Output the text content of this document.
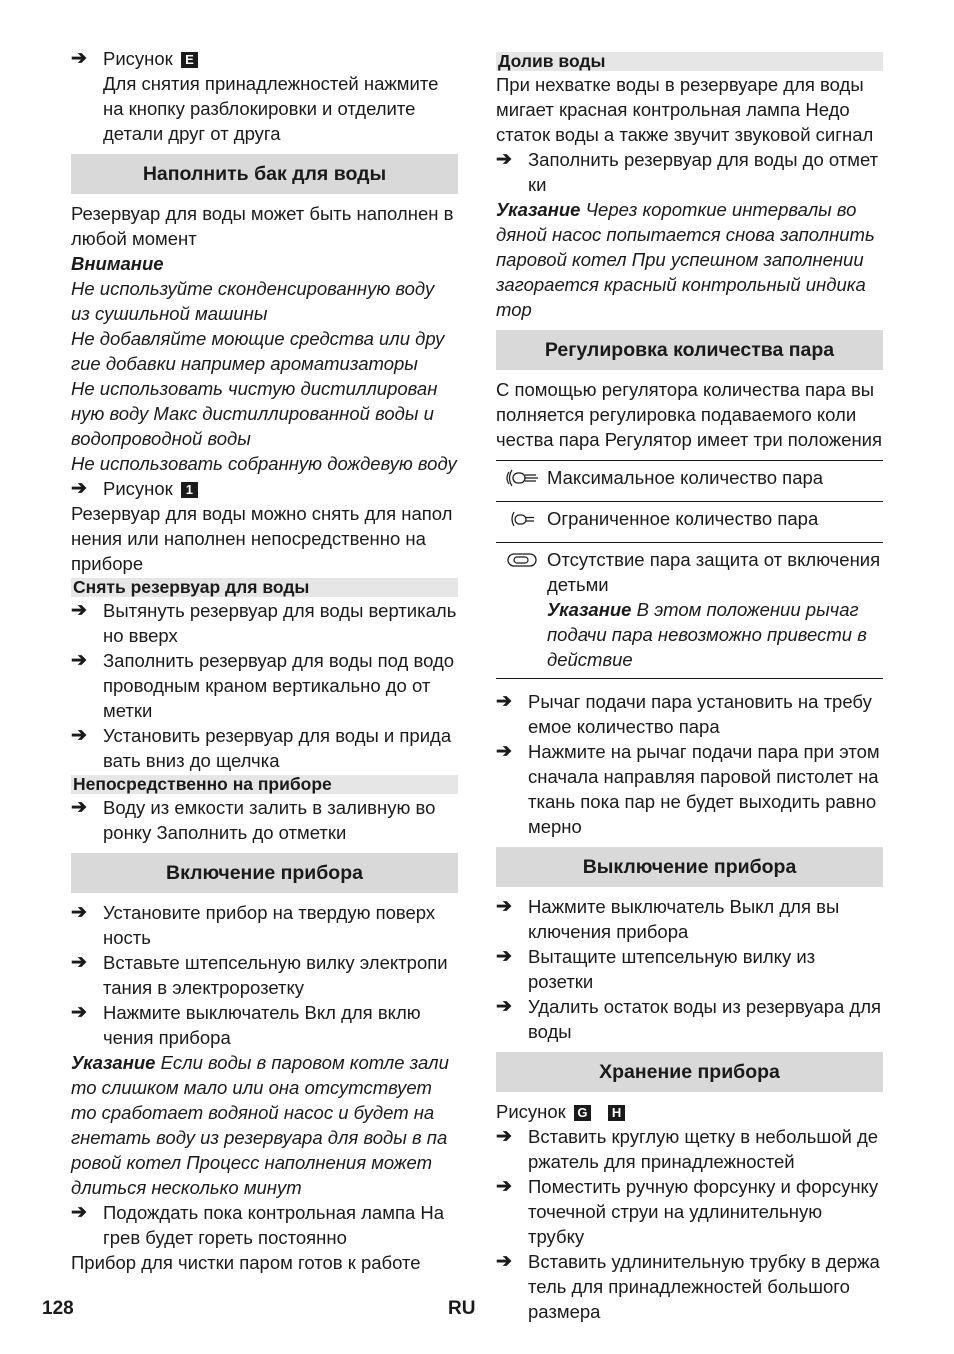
➔ Рисунок E
Для снятия принадлежностей нажмите на кнопку разблокировки и отделите детали друг от друга
Наполнить бак для воды

Резервуар для воды может быть наполнен в любой момент

Внимание

Не используйте сконденсированную воду из сушильной машины

Не добавляйте моющие средства или дру гие добавки например ароматизаторы

Не использовать чистую дистиллирован ную воду Макс дистиллированной воды и водопроводной воды

Не использовать собранную дождевую воду

➔ Рисунок 1

Резервуар для воды можно снять для напол нения или наполнен непосредственно на приборе

Снять резервуар для воды
➔ Вытянуть резервуар для воды вертикаль но вверх
➔ Заполнить резервуар для воды под водо проводным краном вертикально до от метки
➔ Установить резервуар для воды и прида вать вниз до щелчка
Непосредственно на приборе
➔ Воду из емкости залить в заливную во ронку Заполнить до отметки
Включение прибора
➔ Установите прибор на твердую поверх ность
➔ Вставьте штепсельную вилку электропи тания в электророзетку
➔ Нажмите выключатель Вкл для вклю чения прибора

Указание Если воды в паровом котле зали то слишком мало или она отсутствует то сработает водяной насос и будет на гнетать воду из резервуара для воды в па ровой котел Процесс наполнения может длиться несколько минут

➔ Подождать пока контрольная лампа На грев будет гореть постоянно

Прибор для чистки паром готов к работе

Долив воды

При нехватке воды в резервуаре для воды мигает красная контрольная лампа Недо статок воды а также звучит звуковой сигнал

➔ Заполнить резервуар для воды до отмет ки

Указание Через короткие интервалы во дяной насос попытается снова заполнить паровой котел При успешном заполнении загорается красный контрольный индика тор

Регулировка количества пара

С помощью регулятора количества пара вы полняется регулировка подаваемого коли чества пара Регулятор имеет три положения

	Максимальное количество пара
	Ограниченное количество пара
	Отсутствие пара защита от включения детьми
Указание В этом положении рычаг подачи пара невозможно привести в действие
➔ Рычаг подачи пара установить на требу емое количество пара
➔ Нажмите на рычаг подачи пара при этом сначала направляя паровой пистолет на ткань пока пар не будет выходить равно мерно
Выключение прибора
➔ Нажмите выключатель Выкл для вы ключения прибора
➔ Вытащите штепсельную вилку из розетки
➔ Удалить остаток воды из резервуара для воды
Хранение прибора

Рисунок G H

➔ Вставить круглую щетку в небольшой де ржатель для принадлежностей
➔ Поместить ручную форсунку и форсунку точечной струи на удлинительную трубку
➔ Вставить удлинительную трубку в держа тель для принадлежностей большого размера
128	RU
